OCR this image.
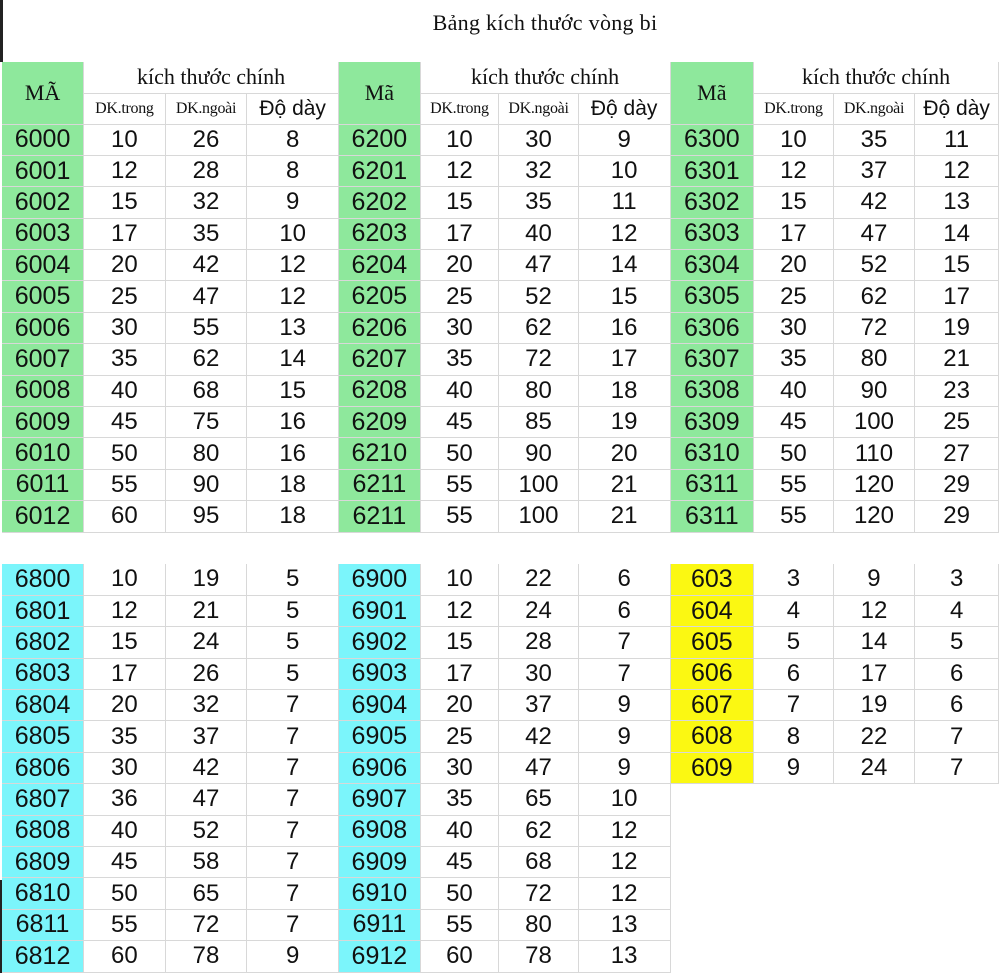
Bảng kích thước vòng bi
MÃ	kích thước chính			Mã	kích thước chính			Mã	kích thước chính		
	DK.trong	DK.ngoài	Độ dày		DK.trong	DK.ngoài	Độ dày		DK.trong	DK.ngoài	Độ dày
6000	10	26	8	6200	10	30	9	6300	10	35	11
6001	12	28	8	6201	12	32	10	6301	12	37	12
6002	15	32	9	6202	15	35	11	6302	15	42	13
6003	17	35	10	6203	17	40	12	6303	17	47	14
6004	20	42	12	6204	20	47	14	6304	20	52	15
6005	25	47	12	6205	25	52	15	6305	25	62	17
6006	30	55	13	6206	30	62	16	6306	30	72	19
6007	35	62	14	6207	35	72	17	6307	35	80	21
6008	40	68	15	6208	40	80	18	6308	40	90	23
6009	45	75	16	6209	45	85	19	6309	45	100	25
6010	50	80	16	6210	50	90	20	6310	50	110	27
6011	55	90	18	6211	55	100	21	6311	55	120	29
6012	60	95	18	6211	55	100	21	6311	55	120	29
6800	10	19	5	6900	10	22	6	603	3	9	3
6801	12	21	5	6901	12	24	6	604	4	12	4
6802	15	24	5	6902	15	28	7	605	5	14	5
6803	17	26	5	6903	17	30	7	606	6	17	6
6804	20	32	7	6904	20	37	9	607	7	19	6
6805	35	37	7	6905	25	42	9	608	8	22	7
6806	30	42	7	6906	30	47	9	609	9	24	7
6807	36	47	7	6907	35	65	10				
6808	40	52	7	6908	40	62	12				
6809	45	58	7	6909	45	68	12				
6810	50	65	7	6910	50	72	12				
6811	55	72	7	6911	55	80	13				
6812	60	78	9	6912	60	78	13				
